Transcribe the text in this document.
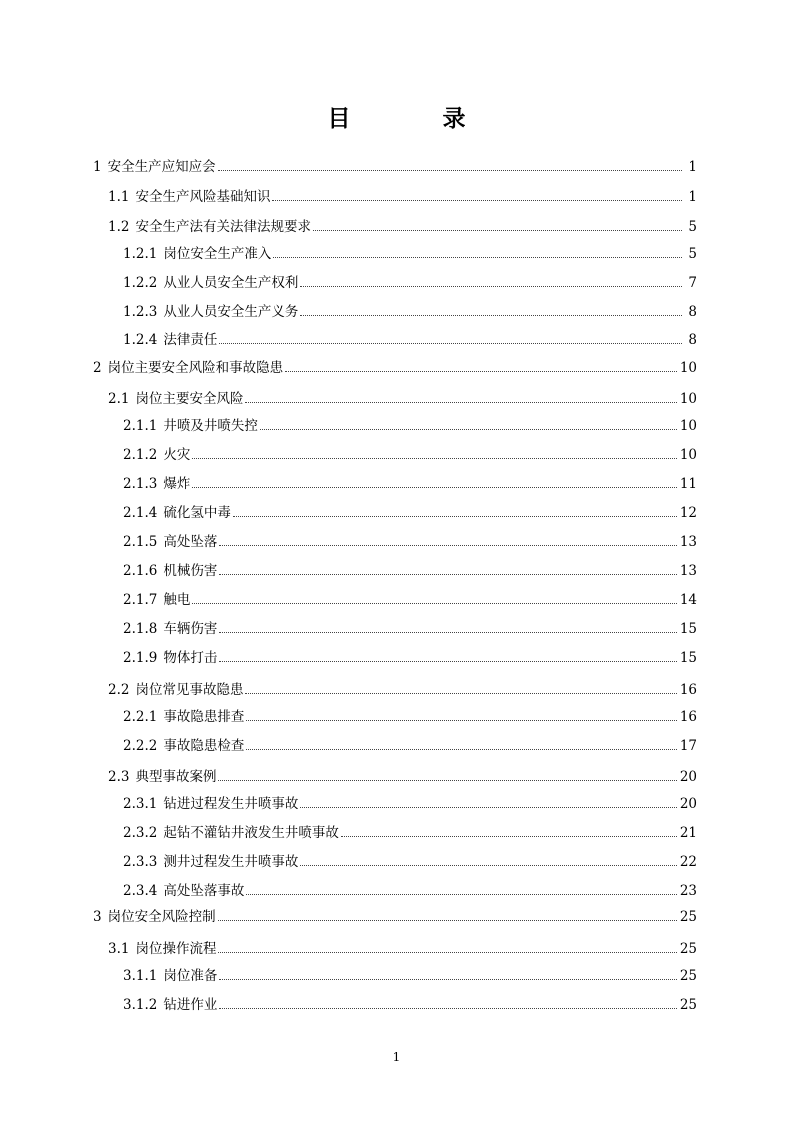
目 录
1 安全生产应知应会	1
1.1 安全生产风险基础知识	1
1.2 安全生产法有关法律法规要求	5
1.2.1 岗位安全生产准入	5
1.2.2 从业人员安全生产权利	7
1.2.3 从业人员安全生产义务	8
1.2.4 法律责任	8
2 岗位主要安全风险和事故隐患	10
2.1 岗位主要安全风险	10
2.1.1 井喷及井喷失控	10
2.1.2 火灾	10
2.1.3 爆炸	11
2.1.4 硫化氢中毒	12
2.1.5 高处坠落	13
2.1.6 机械伤害	13
2.1.7 触电	14
2.1.8 车辆伤害	15
2.1.9 物体打击	15
2.2 岗位常见事故隐患	16
2.2.1 事故隐患排查	16
2.2.2 事故隐患检查	17
2.3 典型事故案例	20
2.3.1 钻进过程发生井喷事故	20
2.3.2 起钻不灌钻井液发生井喷事故	21
2.3.3 测井过程发生井喷事故	22
2.3.4 高处坠落事故	23
3 岗位安全风险控制	25
3.1 岗位操作流程	25
3.1.1 岗位准备	25
3.1.2 钻进作业	25
1
